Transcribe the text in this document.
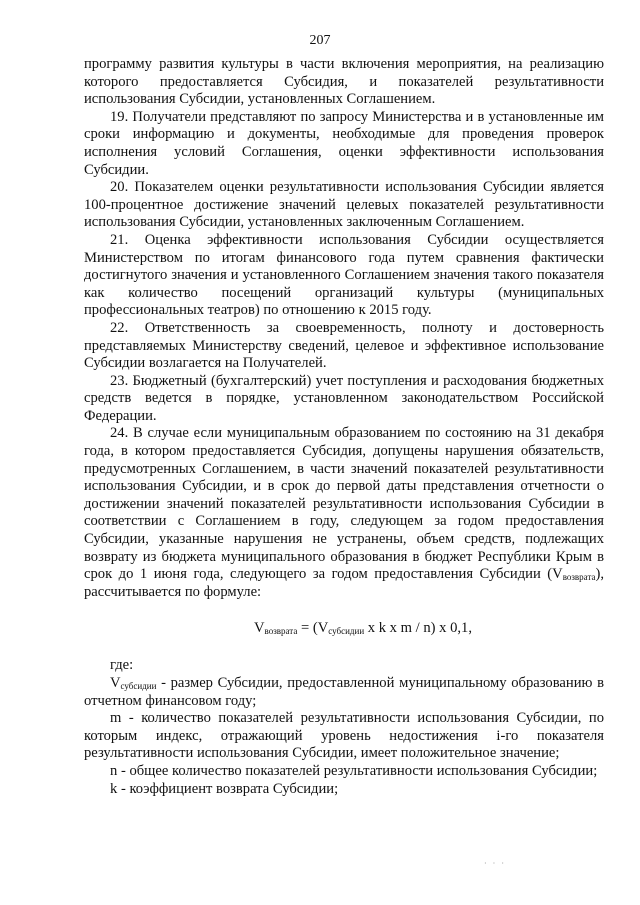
207

программу развития культуры в части включения мероприятия, на реализацию которого предоставляется Субсидия, и показателей результативности использования Субсидии, установленных Соглашением.

19. Получатели представляют по запросу Министерства и в установленные им сроки информацию и документы, необходимые для проведения проверок исполнения условий Соглашения, оценки эффективности использования Субсидии.

20. Показателем оценки результативности использования Субсидии является 100-процентное достижение значений целевых показателей результативности использования Субсидии, установленных заключенным Соглашением.

21. Оценка эффективности использования Субсидии осуществляется Министерством по итогам финансового года путем сравнения фактически достигнутого значения и установленного Соглашением значения такого показателя как количество посещений организаций культуры (муниципальных профессиональных театров) по отношению к 2015 году.

22. Ответственность за своевременность, полноту и достоверность представляемых Министерству сведений, целевое и эффективное использование Субсидии возлагается на Получателей.

23. Бюджетный (бухгалтерский) учет поступления и расходования бюджетных средств ведется в порядке, установленном законодательством Российской Федерации.

24. В случае если муниципальным образованием по состоянию на 31 декабря года, в котором предоставляется Субсидия, допущены нарушения обязательств, предусмотренных Соглашением, в части значений показателей результативности использования Субсидии, и в срок до первой даты представления отчетности о достижении значений показателей результативности использования Субсидии в соответствии с Соглашением в году, следующем за годом предоставления Субсидии, указанные нарушения не устранены, объем средств, подлежащих возврату из бюджета муниципального образования в бюджет Республики Крым в срок до 1 июня года, следующего за годом предоставления Субсидии $(V_{возврата})$, рассчитывается по формуле:

$V_{возврата} = (V_{субсидии}$ x k x m / n) x 0,1,

где:

$V_{субсидии}$ - размер Субсидии, предоставленной муниципальному образованию в отчетном финансовом году;

m - количество показателей результативности использования Субсидии, по которым индекс, отражающий уровень недостижения i-го показателя результативности использования Субсидии, имеет положительное значение;

n - общее количество показателей результативности использования Субсидии;

k - коэффициент возврата Субсидии;

· · ·
